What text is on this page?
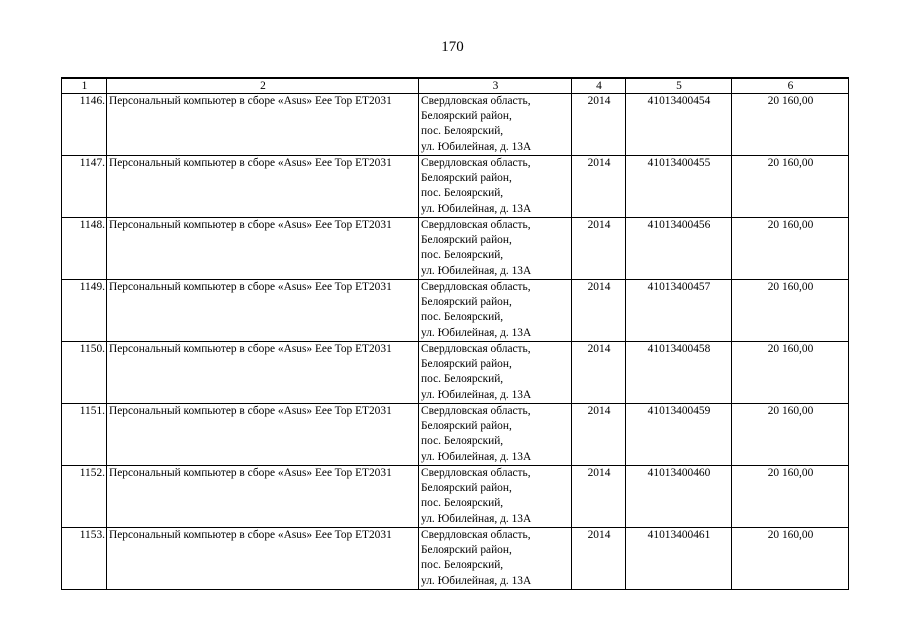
170
1	2	3	4	5	6
1146.	Персональный компьютер в сборе «Asus» Eee Top ET2031	Свердловская область,
Белоярский район,
пос. Белоярский,
ул. Юбилейная, д. 13А	2014	41013400454	20 160,00
1147.	Персональный компьютер в сборе «Asus» Eee Top ET2031	Свердловская область,
Белоярский район,
пос. Белоярский,
ул. Юбилейная, д. 13А	2014	41013400455	20 160,00
1148.	Персональный компьютер в сборе «Asus» Eee Top ET2031	Свердловская область,
Белоярский район,
пос. Белоярский,
ул. Юбилейная, д. 13А	2014	41013400456	20 160,00
1149.	Персональный компьютер в сборе «Asus» Eee Top ET2031	Свердловская область,
Белоярский район,
пос. Белоярский,
ул. Юбилейная, д. 13А	2014	41013400457	20 160,00
1150.	Персональный компьютер в сборе «Asus» Eee Top ET2031	Свердловская область,
Белоярский район,
пос. Белоярский,
ул. Юбилейная, д. 13А	2014	41013400458	20 160,00
1151.	Персональный компьютер в сборе «Asus» Eee Top ET2031	Свердловская область,
Белоярский район,
пос. Белоярский,
ул. Юбилейная, д. 13А	2014	41013400459	20 160,00
1152.	Персональный компьютер в сборе «Asus» Eee Top ET2031	Свердловская область,
Белоярский район,
пос. Белоярский,
ул. Юбилейная, д. 13А	2014	41013400460	20 160,00
1153.	Персональный компьютер в сборе «Asus» Eee Top ET2031	Свердловская область,
Белоярский район,
пос. Белоярский,
ул. Юбилейная, д. 13А	2014	41013400461	20 160,00
